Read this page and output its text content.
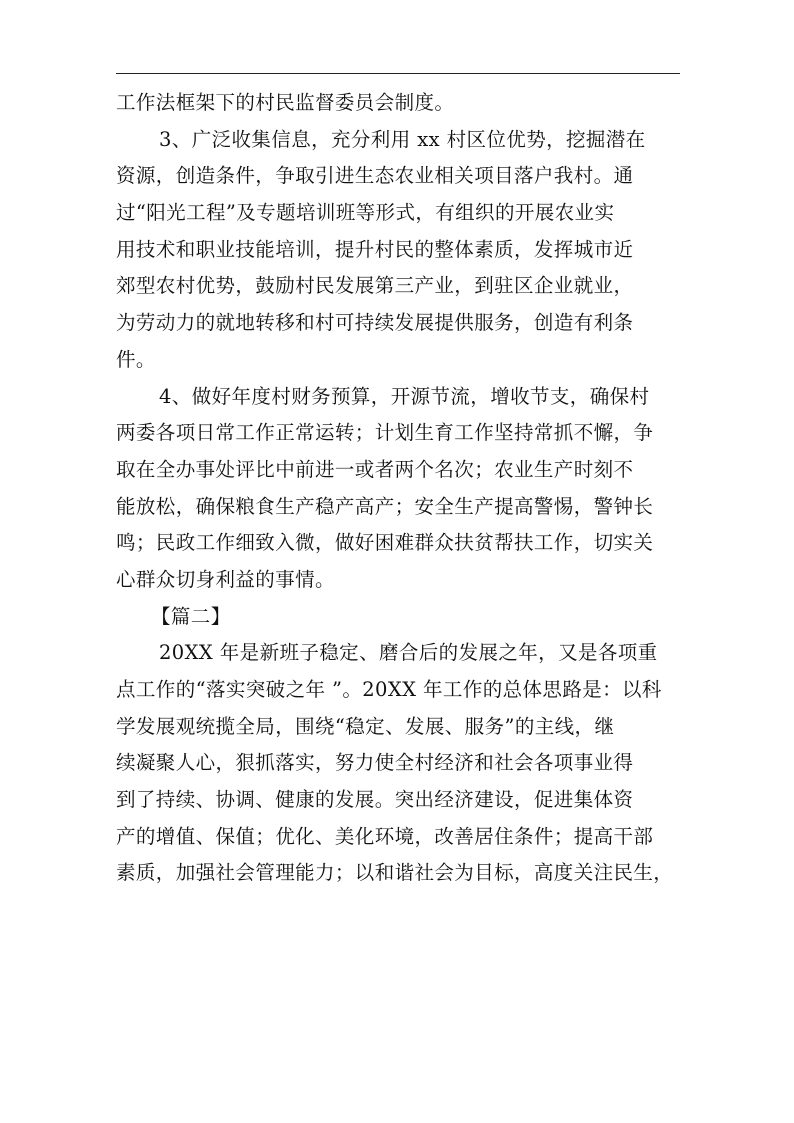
工作法框架下的村民监督委员会制度。
3、广泛收集信息，充分利用 xx 村区位优势，挖掘潜在
资源，创造条件，争取引进生态农业相关项目落户我村。通
过“阳光工程”及专题培训班等形式，有组织的开展农业实
用技术和职业技能培训，提升村民的整体素质，发挥城市近
郊型农村优势，鼓励村民发展第三产业，到驻区企业就业，
为劳动力的就地转移和村可持续发展提供服务，创造有利条
件。
4、做好年度村财务预算，开源节流，增收节支，确保村
两委各项日常工作正常运转；计划生育工作坚持常抓不懈，争
取在全办事处评比中前进一或者两个名次；农业生产时刻不
能放松，确保粮食生产稳产高产；安全生产提高警惕，警钟长
鸣；民政工作细致入微，做好困难群众扶贫帮扶工作，切实关
心群众切身利益的事情。
【篇二】
20XX 年是新班子稳定、磨合后的发展之年，又是各项重
点工作的“落实突破之年 ”。20XX 年工作的总体思路是：以科
学发展观统揽全局，围绕“稳定、发展、服务”的主线，继
续凝聚人心，狠抓落实，努力使全村经济和社会各项事业得
到了持续、协调、健康的发展。突出经济建设，促进集体资
产的增值、保值；优化、美化环境，改善居住条件；提高干部
素质，加强社会管理能力；以和谐社会为目标，高度关注民生，
